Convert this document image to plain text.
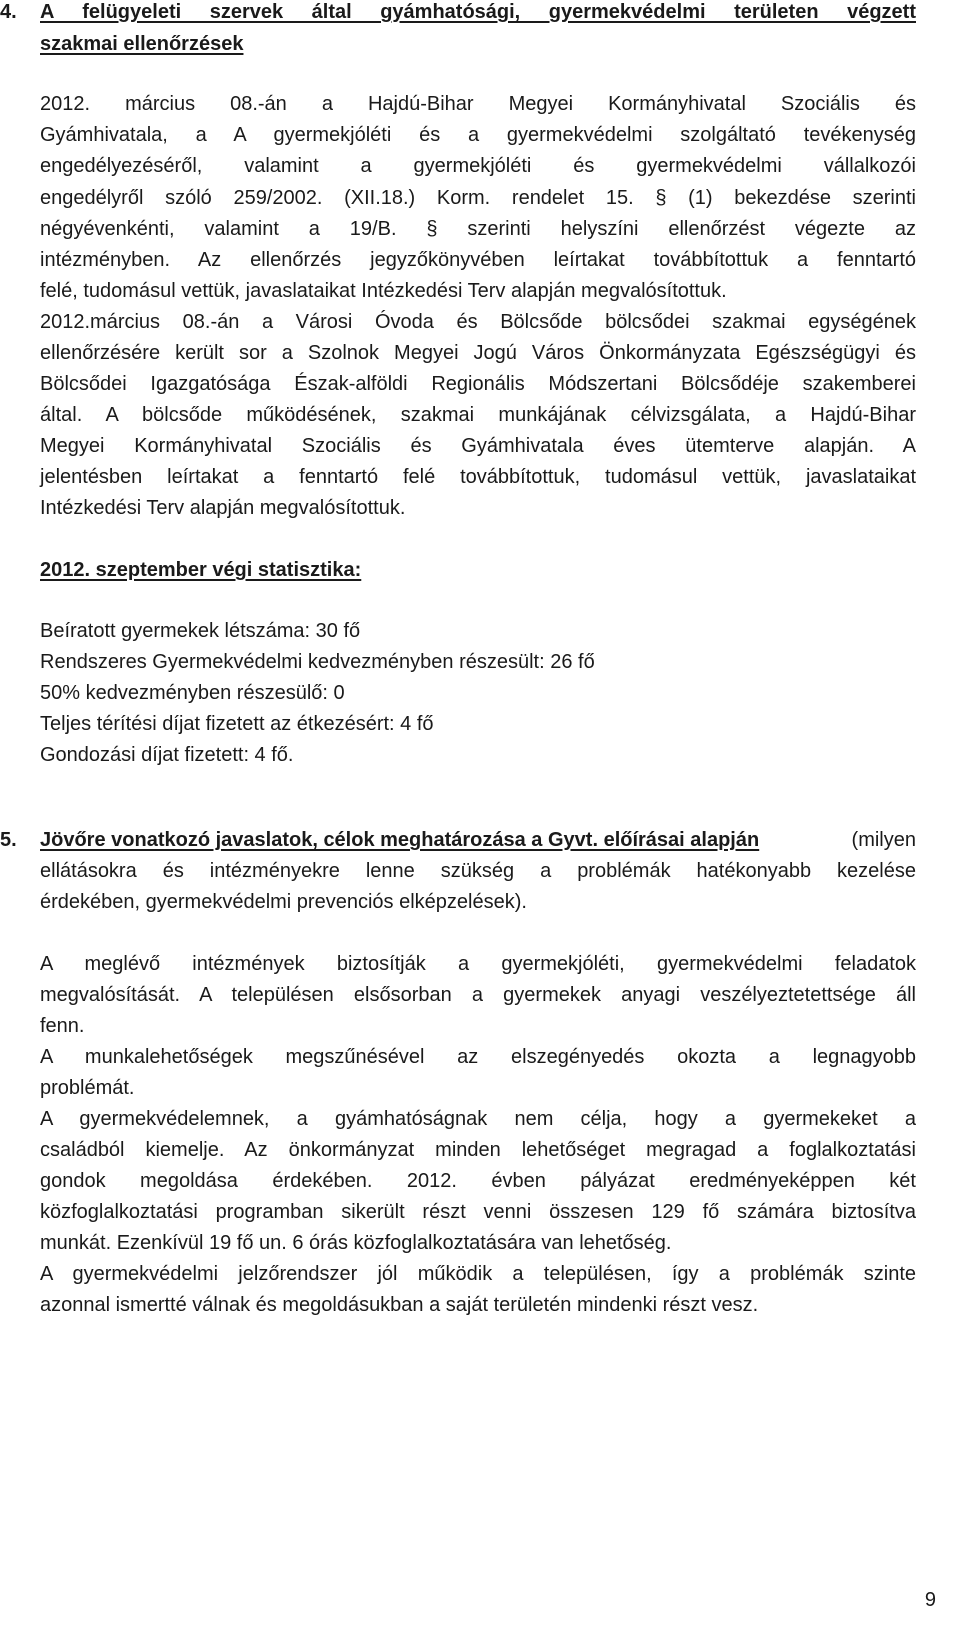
4. A felügyeleti szervek által gyámhatósági, gyermekvédelmi területen végzett
szakmai ellenőrzések
2012. március 08.-án a Hajdú-Bihar Megyei Kormányhivatal Szociális és
Gyámhivatala, a A gyermekjóléti és a gyermekvédelmi szolgáltató tevékenység
engedélyezéséről, valamint a gyermekjóléti és gyermekvédelmi vállalkozói
engedélyről szóló 259/2002. (XII.18.) Korm. rendelet 15. § (1) bekezdése szerinti
négyévenkénti, valamint a 19/B. § szerinti helyszíni ellenőrzést végezte az
intézményben. Az ellenőrzés jegyzőkönyvében leírtakat továbbítottuk a fenntartó
felé, tudomásul vettük, javaslataikat Intézkedési Terv alapján megvalósítottuk.
2012.március 08.-án a Városi Óvoda és Bölcsőde bölcsődei szakmai egységének
ellenőrzésére került sor a Szolnok Megyei Jogú Város Önkormányzata Egészségügyi és
Bölcsődei Igazgatósága Észak-alföldi Regionális Módszertani Bölcsődéje szakemberei
által. A bölcsőde működésének, szakmai munkájának célvizsgálata, a Hajdú-Bihar
Megyei Kormányhivatal Szociális és Gyámhivatala éves ütemterve alapján. A
jelentésben leírtakat a fenntartó felé továbbítottuk, tudomásul vettük, javaslataikat
Intézkedési Terv alapján megvalósítottuk.
2012. szeptember végi statisztika:
Beíratott gyermekek létszáma: 30 fő
Rendszeres Gyermekvédelmi kedvezményben részesült: 26 fő
50% kedvezményben részesülő: 0
Teljes térítési díjat fizetett az étkezésért: 4 fő
Gondozási díjat fizetett: 4 fő.
5. Jövőre vonatkozó javaslatok, célok meghatározása a Gyvt. előírásai alapján	(milyen
ellátásokra és intézményekre lenne szükség a problémák hatékonyabb kezelése
érdekében, gyermekvédelmi prevenciós elképzelések).
A meglévő intézmények biztosítják a gyermekjóléti, gyermekvédelmi feladatok
megvalósítását. A településen elsősorban a gyermekek anyagi veszélyeztetettsége áll
fenn.
A munkalehetőségek megszűnésével az elszegényedés okozta a legnagyobb
problémát.
A gyermekvédelemnek, a gyámhatóságnak nem célja, hogy a gyermekeket a
családból kiemelje. Az önkormányzat minden lehetőséget megragad a foglalkoztatási
gondok megoldása érdekében. 2012. évben pályázat eredményeképpen két
közfoglalkoztatási programban sikerült részt venni összesen 129 fő számára biztosítva
munkát. Ezenkívül 19 fő un. 6 órás közfoglalkoztatására van lehetőség.
A gyermekvédelmi jelzőrendszer jól működik a településen, így a problémák szinte
azonnal ismertté válnak és megoldásukban a saját területén mindenki részt vesz.
9
